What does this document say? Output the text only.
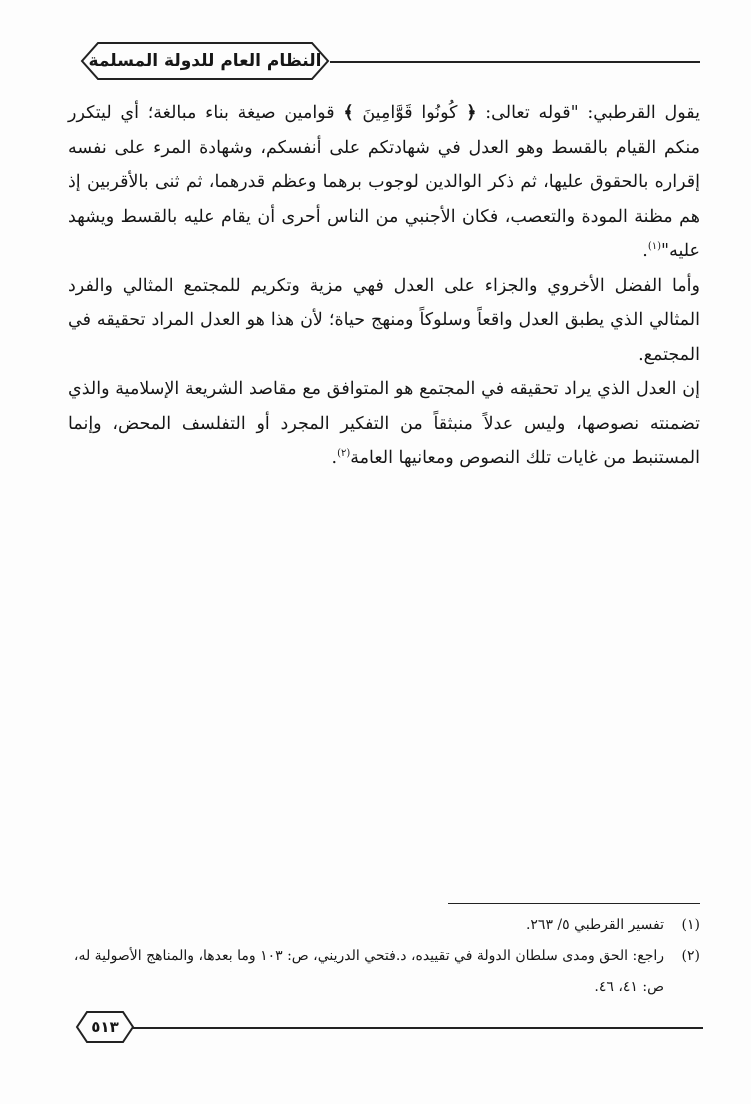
النظام العام للدولة المسلمة

يقول القرطبي: "قوله تعالى: ﴿ كُونُوا قَوَّامِينَ ﴾ قوامين صيغة بناء مبالغة؛ أي ليتكرر منكم القيام بالقسط وهو العدل في شهادتكم على أنفسكم، وشهادة المرء على نفسه إقراره بالحقوق عليها، ثم ذكر الوالدين لوجوب برهما وعظم قدرهما، ثم ثنى بالأقربين إذ هم مظنة المودة والتعصب، فكان الأجنبي من الناس أحرى أن يقام عليه بالقسط ويشهد عليه"$^{(١)}$.

وأما الفضل الأخروي والجزاء على العدل فهي مزية وتكريم للمجتمع المثالي والفرد المثالي الذي يطبق العدل واقعاً وسلوكاً ومنهج حياة؛ لأن هذا هو العدل المراد تحقيقه في المجتمع.

إن العدل الذي يراد تحقيقه في المجتمع هو المتوافق مع مقاصد الشريعة الإسلامية والذي تضمنته نصوصها، وليس عدلاً منبثقاً من التفكير المجرد أو التفلسف المحض، وإنما المستنبط من غايات تلك النصوص ومعانيها العامة$^{(٢)}$.

(١)
تفسير القرطبي ٥/ ٢٦٣.
(٢)
راجع: الحق ومدى سلطان الدولة في تقييده، د.فتحي الدريني، ص: ١٠٣ وما بعدها، والمناهج الأصولية له، ص: ٤١، ٤٦.
٥١٣
